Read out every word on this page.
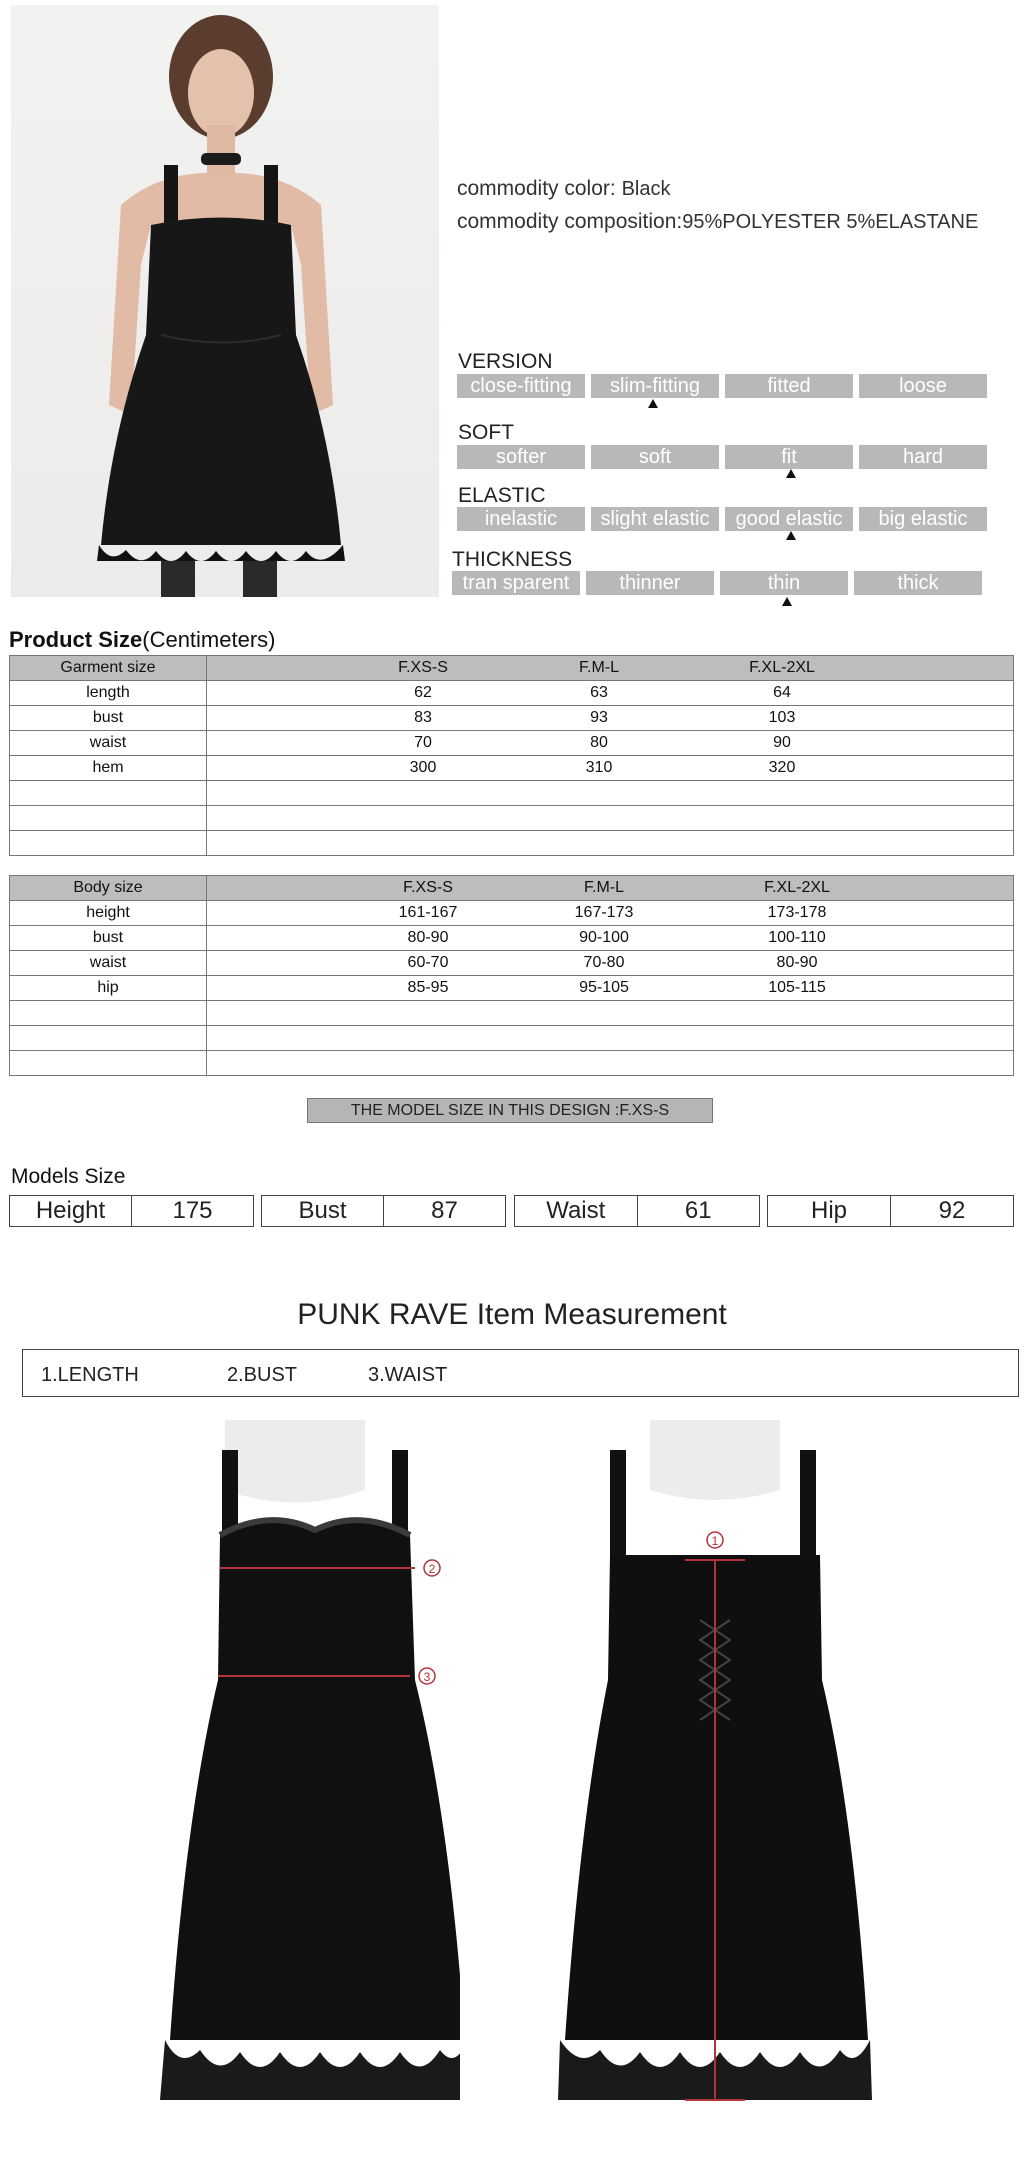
commodity color: Black
commodity composition:95%POLYESTER 5%ELASTANE
VERSION
close-fitting	slim-fitting	fitted	loose
SOFT
softer	soft	fit	hard
ELASTIC
inelastic	slight elastic	good elastic	big elastic
THICKNESS
tran sparent	thinner	thin	thick
Product Size(Centimeters)
Garment size	F.XS-S F.M-L F.XL-2XL

length	62 63 64

bust	83 93 103

waist	70 80 90

hem	300 310 320

Body size	F.XS-S F.M-L F.XL-2XL

height	161-167 167-173 173-178

bust	80-90 90-100 100-110

waist	60-70 70-80 80-90

hip	85-95 95-105 105-115

THE MODEL SIZE IN THIS DESIGN :F.XS-S
Models Size
Height	175	Bust	87	Waist	61	Hip	92
PUNK RAVE Item Measurement
1.LENGTH	2.BUST	3.WAIST
2
3
1
